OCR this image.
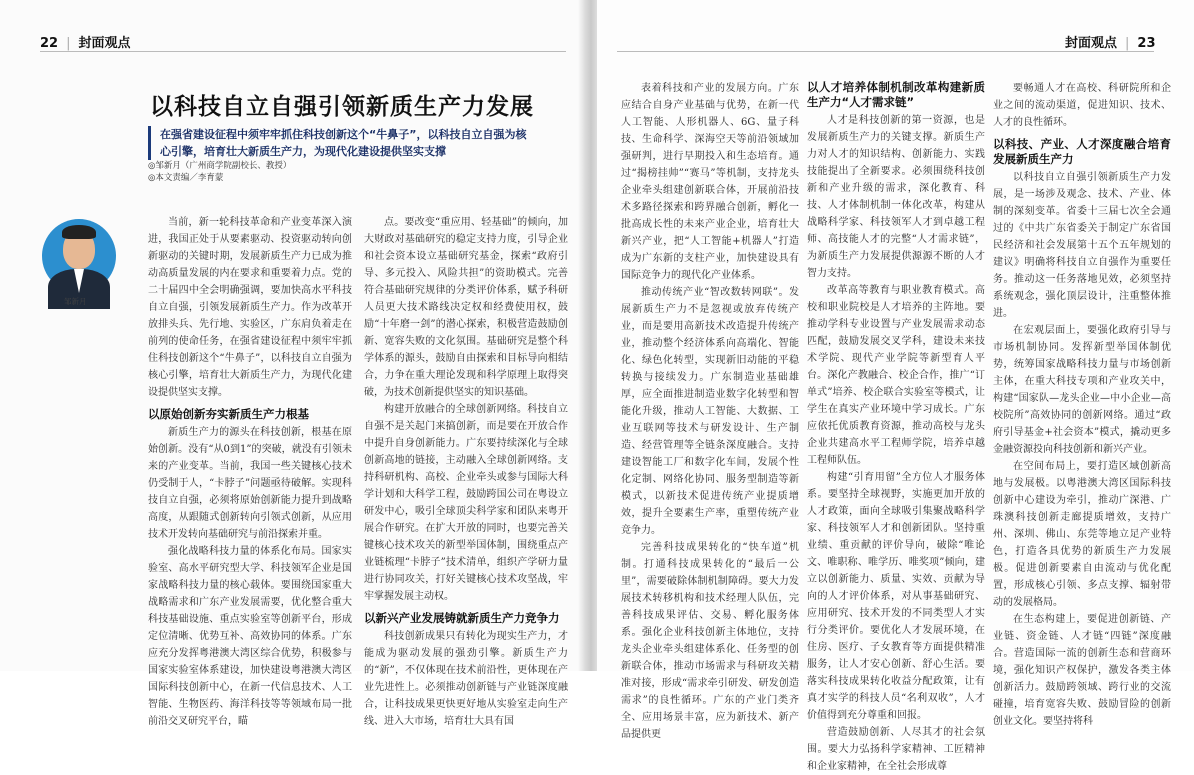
22 | 封面观点
以科技自立自强引领新质生产力发展
在强省建设征程中须牢牢抓住科技创新这个“牛鼻子”，以科技自立自强为核心引擎，培育壮大新质生产力，为现代化建设提供坚实支撑
◎邹新月（广州商学院副校长、教授）
◎本文责编／李育蒙
邹新月

当前，新一轮科技革命和产业变革深入演进，我国正处于从要素驱动、投资驱动转向创新驱动的关键时期，发展新质生产力已成为推动高质量发展的内在要求和重要着力点。党的二十届四中全会明确强调，要加快高水平科技自立自强，引领发展新质生产力。作为改革开放排头兵、先行地、实验区，广东肩负着走在前列的使命任务，在强省建设征程中须牢牢抓住科技创新这个“牛鼻子”，以科技自立自强为核心引擎，培育壮大新质生产力，为现代化建设提供坚实支撑。

以原始创新夯实新质生产力根基

新质生产力的源头在科技创新，根基在原始创新。没有“从0到1”的突破，就没有引领未来的产业变革。当前，我国一些关键核心技术仍受制于人，“卡脖子”问题亟待破解。实现科技自立自强，必须将原始创新能力提升到战略高度，从跟随式创新转向引领式创新，从应用技术开发转向基础研究与前沿探索并重。

强化战略科技力量的体系化布局。国家实验室、高水平研究型大学、科技领军企业是国家战略科技力量的核心载体。要围绕国家重大战略需求和广东产业发展需要，优化整合重大科技基础设施、重点实验室等创新平台，形成定位清晰、优势互补、高效协同的体系。广东应充分发挥粤港澳大湾区综合优势，积极参与国家实验室体系建设，加快建设粤港澳大湾区国际科技创新中心，在新一代信息技术、人工智能、生物医药、海洋科技等等领域布局一批前沿交叉研究平台，瞄

点。要改变“重应用、轻基础”的倾向，加大财政对基础研究的稳定支持力度，引导企业和社会资本设立基础研究基金，探索“政府引导、多元投入、风险共担”的资助模式。完善符合基础研究规律的分类评价体系，赋予科研人员更大技术路线决定权和经费使用权，鼓励“十年磨一剑”的潜心探索，积极营造鼓励创新、宽容失败的文化氛围。基础研究是整个科学体系的源头，鼓励自由探索和目标导向相结合，力争在重大理论发现和科学原理上取得突破，为技术创新提供坚实的知识基础。

构建开放融合的全球创新网络。科技自立自强不是关起门来搞创新，而是要在开放合作中提升自身创新能力。广东要持续深化与全球创新高地的链接，主动融入全球创新网络。支持科研机构、高校、企业牵头或参与国际大科学计划和大科学工程，鼓励跨国公司在粤设立研发中心，吸引全球顶尖科学家和团队来粤开展合作研究。在扩大开放的同时，也要完善关键核心技术攻关的新型举国体制，围绕重点产业链梳理“卡脖子”技术清单，组织产学研力量进行协同攻关，打好关键核心技术攻坚战，牢牢掌握发展主动权。

以新兴产业发展铸就新质生产力竞争力

科技创新成果只有转化为现实生产力，才能成为驱动发展的强劲引擎。新质生产力的“新”，不仅体现在技术前沿性，更体现在产业先进性上。必须推动创新链与产业链深度融合，让科技成果更快更好地从实验室走向生产线、进入大市场，培育壮大具有国

封面观点 | 23

表着科技和产业的发展方向。广东应结合自身产业基础与优势，在新一代人工智能、人形机器人、6G、量子科技、生命科学、深海空天等前沿领域加强研判，进行早期投入和生态培育。通过“揭榜挂帅”“赛马”等机制，支持龙头企业牵头组建创新联合体，开展前沿技术多路径探索和跨界融合创新，孵化一批高成长性的未来产业企业，培育壮大新兴产业，把“人工智能+机器人”打造成为广东新的支柱产业，加快建设具有国际竞争力的现代化产业体系。

推动传统产业“智改数转网联”。发展新质生产力不是忽视或放弃传统产业，而是要用高新技术改造提升传统产业，推动整个经济体系向高端化、智能化、绿色化转型，实现新旧动能的平稳转换与接续发力。广东制造业基础雄厚，应全面推进制造业数字化转型和智能化升级，推动人工智能、大数据、工业互联网等技术与研发设计、生产制造、经营管理等全链条深度融合。支持建设智能工厂和数字化车间，发展个性化定制、网络化协同、服务型制造等新模式，以新技术促进传统产业提质增效，提升全要素生产率，重塑传统产业竞争力。

完善科技成果转化的“快车道”机制。打通科技成果转化的“最后一公里”，需要破除体制机制障碍。要大力发展技术转移机构和技术经理人队伍，完善科技成果评估、交易、孵化服务体系。强化企业科技创新主体地位，支持龙头企业牵头组建体系化、任务型的创新联合体，推动市场需求与科研攻关精准对接，形成“需求牵引研发、研发创造需求”的良性循环。广东的产业门类齐全、应用场景丰富，应为新技术、新产品提供更

以人才培养体制机制改革构建新质生产力“人才需求链”

人才是科技创新的第一资源，也是发展新质生产力的关键支撑。新质生产力对人才的知识结构、创新能力、实践技能提出了全新要求。必须围绕科技创新和产业升级的需求，深化教育、科技、人才体制机制一体化改革，构建从战略科学家、科技领军人才到卓越工程师、高技能人才的完整“人才需求链”，为新质生产力发展提供源源不断的人才智力支持。

改革高等教育与职业教育模式。高校和职业院校是人才培养的主阵地。要推动学科专业设置与产业发展需求动态匹配，鼓励发展交叉学科，建设未来技术学院、现代产业学院等新型育人平台。深化产教融合、校企合作，推广“订单式”培养、校企联合实验室等模式，让学生在真实产业环境中学习成长。广东应依托优质教育资源，推动高校与龙头企业共建高水平工程师学院，培养卓越工程师队伍。

构建“引育用留”全方位人才服务体系。要坚持全球视野，实施更加开放的人才政策，面向全球吸引集聚战略科学家、科技领军人才和创新团队。坚持重业绩、重贡献的评价导向，破除“唯论文、唯职称、唯学历、唯奖项”倾向，建立以创新能力、质量、实效、贡献为导向的人才评价体系，对从事基础研究、应用研究、技术开发的不同类型人才实行分类评价。要优化人才发展环境，在住房、医疗、子女教育等方面提供精准服务，让人才安心创新、舒心生活。要落实科技成果转化收益分配政策，让有真才实学的科技人员“名利双收”，人才价值得到充分尊重和回报。

营造鼓励创新、人尽其才的社会氛围。要大力弘扬科学家精神、工匠精神和企业家精神，在全社会形成尊

要畅通人才在高校、科研院所和企业之间的流动渠道，促进知识、技术、人才的良性循环。

以科技、产业、人才深度融合培育发展新质生产力

以科技自立自强引领新质生产力发展，是一场涉及观念、技术、产业、体制的深刻变革。省委十三届七次全会通过的《中共广东省委关于制定广东省国民经济和社会发展第十五个五年规划的建议》明确将科技自立自强作为重要任务。推动这一任务落地见效，必须坚持系统观念，强化顶层设计，注重整体推进。

在宏观层面上，要强化政府引导与市场机制协同。发挥新型举国体制优势，统筹国家战略科技力量与市场创新主体，在重大科技专项和产业攻关中，构建“国家队—龙头企业—中小企业—高校院所”高效协同的创新网络。通过“政府引导基金+社会资本”模式，撬动更多金融资源投向科技创新和新兴产业。

在空间布局上，要打造区域创新高地与发展极。以粤港澳大湾区国际科技创新中心建设为牵引，推动广深港、广珠澳科技创新走廊提质增效，支持广州、深圳、佛山、东莞等地立足产业特色，打造各具优势的新质生产力发展极。促进创新要素自由流动与优化配置，形成核心引领、多点支撑、辐射带动的发展格局。

在生态构建上，要促进创新链、产业链、资金链、人才链“四链”深度融合。营造国际一流的创新生态和营商环境，强化知识产权保护，激发各类主体创新活力。鼓励跨领域、跨行业的交流碰撞，培育宽容失败、鼓励冒险的创新创业文化。要坚持将科
